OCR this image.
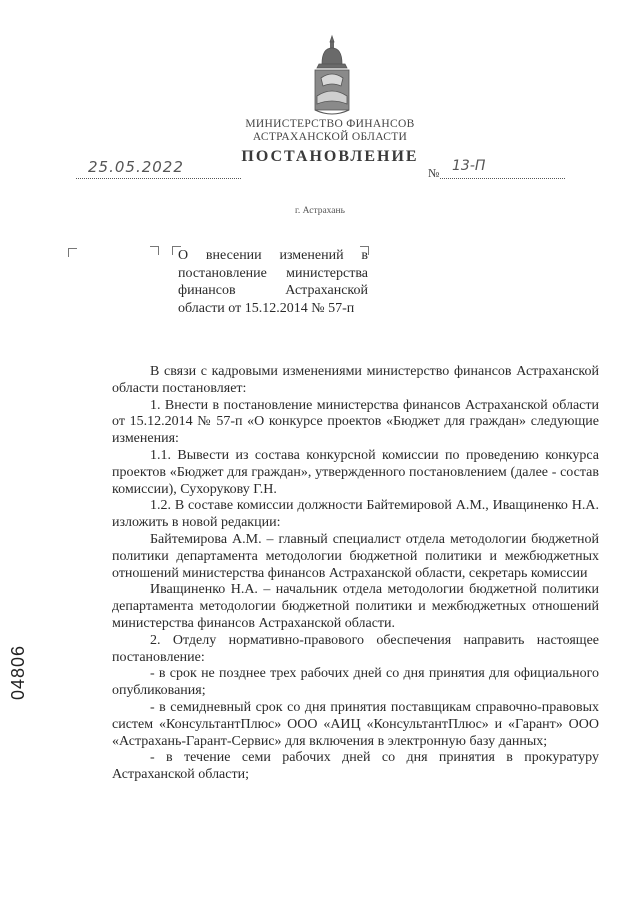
МИНИСТЕРСТВО ФИНАНСОВ
АСТРАХАНСКОЙ ОБЛАСТИ
ПОСТАНОВЛЕНИЕ
25.05.2022	№ 13-П
г. Астрахань
О внесении изменений в постановление министерства финансов Астраханской области от 15.12.2014 № 57-п

В связи с кадровыми изменениями министерство финансов Астраханской области постановляет:

1. Внести в постановление министерства финансов Астраханской области от 15.12.2014 № 57-п «О конкурсе проектов «Бюджет для граждан» следующие изменения:

1.1. Вывести из состава конкурсной комиссии по проведению конкурса проектов «Бюджет для граждан», утвержденного постановлением (далее - состав комиссии), Сухорукову Г.Н.

1.2. В составе комиссии должности Байтемировой А.М., Иващиненко Н.А. изложить в новой редакции:

Байтемирова А.М. – главный специалист отдела методологии бюджетной политики департамента методологии бюджетной политики и межбюджетных отношений министерства финансов Астраханской области, секретарь комиссии

Иващиненко Н.А. – начальник отдела методологии бюджетной политики департамента методологии бюджетной политики и межбюджетных отношений министерства финансов Астраханской области.

2. Отделу нормативно-правового обеспечения направить настоящее постановление:

- в срок не позднее трех рабочих дней со дня принятия для официального опубликования;

- в семидневный срок со дня принятия поставщикам справочно-правовых систем «КонсультантПлюс» ООО «АИЦ «КонсультантПлюс» и «Гарант» ООО «Астрахань-Гарант-Сервис» для включения в электронную базу данных;

- в течение семи рабочих дней со дня принятия в прокуратуру Астраханской области;

04806
